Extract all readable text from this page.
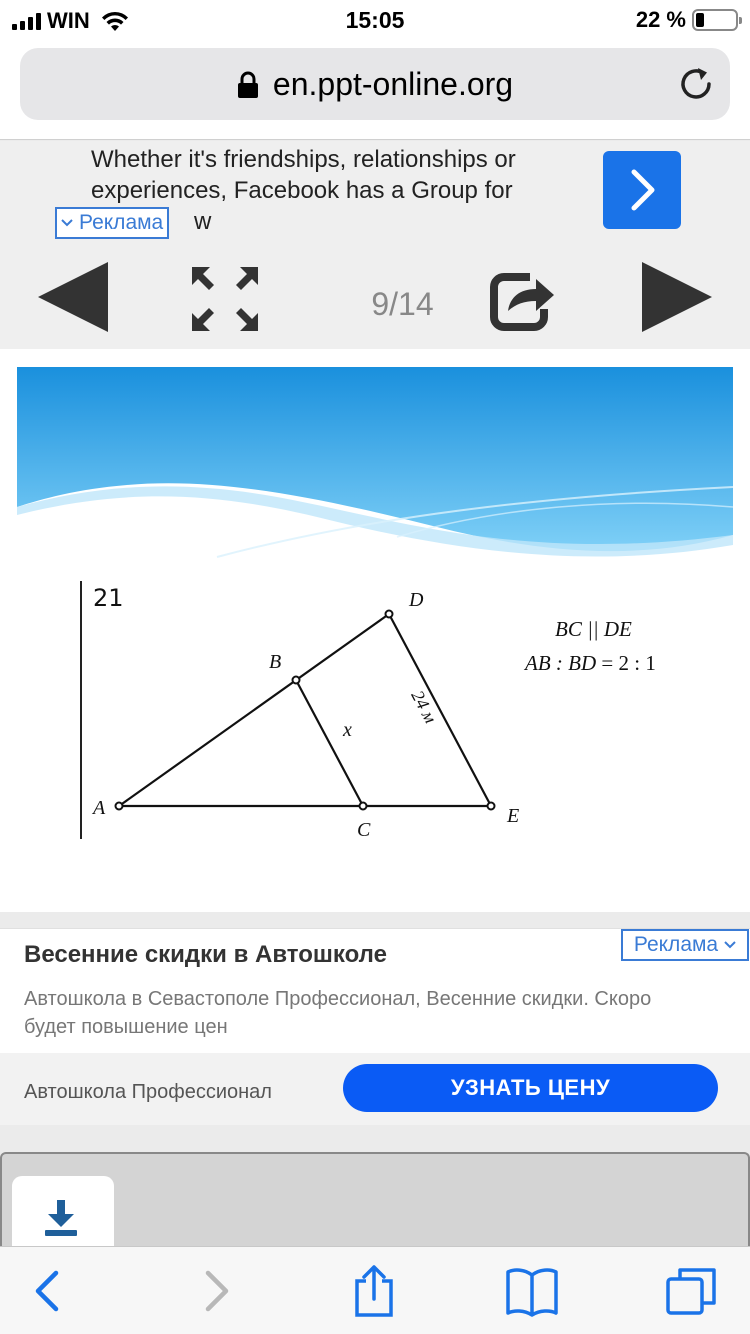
WIN	15:05	22 %
en.ppt-online.org
Whether it's friendships, relationships or experiences, Facebook has a Group for
w
Реклама
9/14
21
A
B
C
D
E
x
24 м
BC || DE
AB : BD = 2 : 1
Весенние скидки в Автошколе	Реклама
Автошкола в Севастополе Профессионал, Весенние скидки. Скоро будет повышение цен
Автошкола Профессионал	УЗНАТЬ ЦЕНУ
